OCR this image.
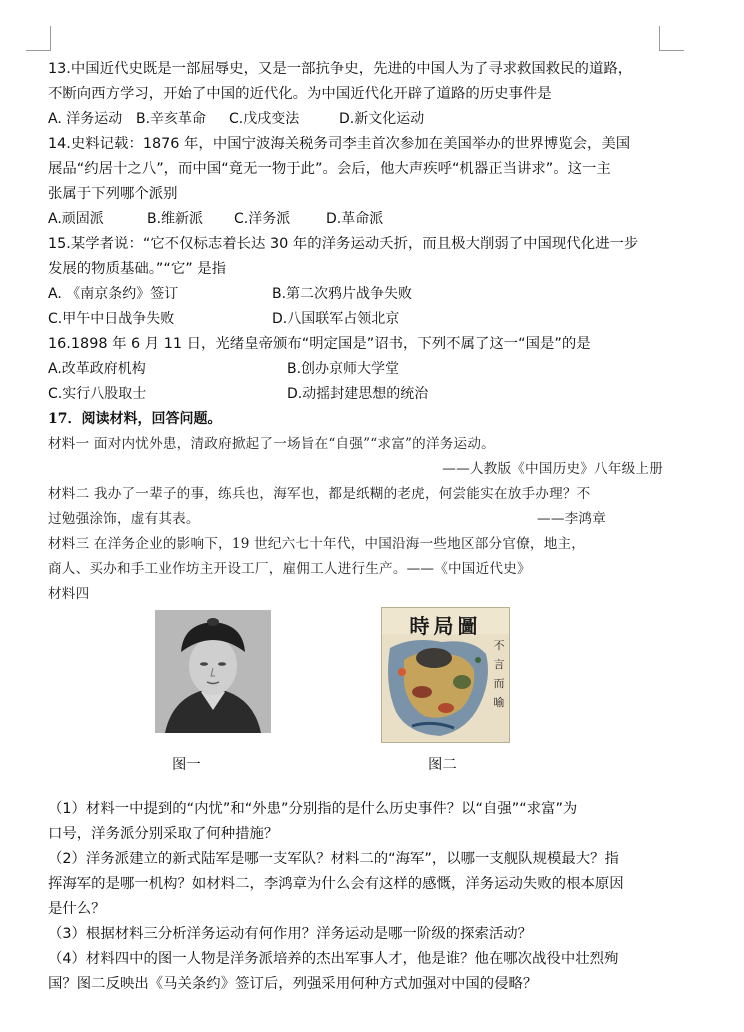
13.中国近代史既是一部屈辱史，又是一部抗争史，先进的中国人为了寻求救国救民的道路，
不断向西方学习，开始了中国的近代化。为中国近代化开辟了道路的历史事件是
A. 洋务运动 B.辛亥革命	C.戊戌变法	D.新文化运动
14.史料记载：1876 年，中国宁波海关税务司李圭首次参加在美国举办的世界博览会，美国
展品“约居十之八”，而中国“竟无一物于此”。会后，他大声疾呼“机器正当讲求”。这一主
张属于下列哪个派别
A.顽固派	B.维新派	C.洋务派	D.革命派
15.某学者说：“它不仅标志着长达 30 年的洋务运动夭折，而且极大削弱了中国现代化进一步
发展的物质基础。”“它” 是指
A. 《南京条约》签订	B.第二次鸦片战争失败
C.甲午中日战争失败	D.八国联军占领北京
16.1898 年 6 月 11 日，光绪皇帝颁布“明定国是”诏书，下列不属了这一“国是”的是
A.改革政府机构	B.创办京师大学堂
C.实行八股取士	D.动摇封建思想的统治
17．阅读材料，回答问题。
材料一 面对内忧外患，清政府掀起了一场旨在“自强”“求富”的洋务运动。
——人教版《中国历史》八年级上册
材料二 我办了一辈子的事，练兵也，海军也，都是纸糊的老虎，何尝能实在放手办理？不
过勉强涂饰，虚有其表。	——李鸿章
材料三 在洋务企业的影响下，19 世纪六七十年代，中国沿海一些地区部分官僚，地主，
商人、买办和手工业作坊主开设工厂，雇佣工人进行生产。——《中国近代史》
材料四
時局圖
不
言
而
喻
图一	图二
（1）材料一中提到的“内忧”和“外患”分别指的是什么历史事件？以“自强”“求富”为
口号，洋务派分别采取了何种措施？
（2）洋务派建立的新式陆军是哪一支军队？材料二的“海军”，以哪一支舰队规模最大？指
挥海军的是哪一机构？如材料二，李鸿章为什么会有这样的感慨，洋务运动失败的根本原因
是什么？
（3）根据材料三分析洋务运动有何作用？洋务运动是哪一阶级的探索活动？
（4）材料四中的图一人物是洋务派培养的杰出军事人才，他是谁？他在哪次战役中壮烈殉
国？图二反映出《马关条约》签订后，列强采用何种方式加强对中国的侵略？
